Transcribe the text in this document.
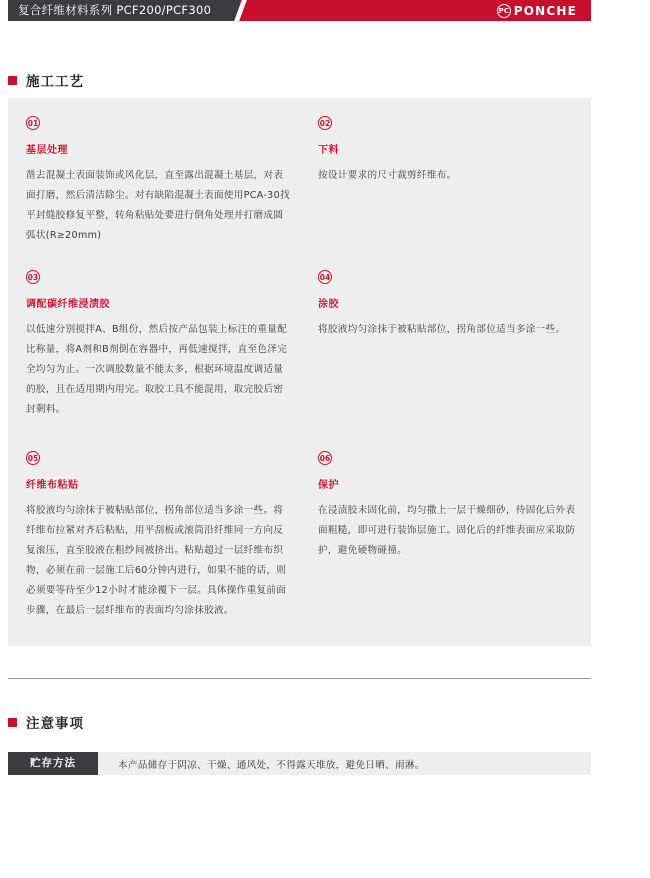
复合纤维材料系列 PCF200/PCF300	PC PONCHE
施工工艺
01
基层处理
凿去混凝土表面装饰或风化层，直至露出混凝土基层，对表面打磨，然后清洁除尘。对有缺陷混凝土表面使用PCA-30找平封缝胶修复平整，转角粘贴处要进行倒角处理并打磨成圆弧状(R≥20mm)
02
下料
按设计要求的尺寸裁剪纤维布。
03
调配碳纤维浸渍胶
以低速分别搅拌A、B组份，然后按产品包装上标注的重量配比称量，将A剂和B剂倒在容器中，再低速搅拌，直至色泽完全均匀为止。一次调胶数量不能太多，根据环境温度调适量的胶，且在适用期内用完。取胶工具不能混用，取完胶后密封剩料。
04
涂胶
将胶液均匀涂抹于被粘贴部位，拐角部位适当多涂一些。
05
纤维布粘贴
将胶液均匀涂抹于被粘贴部位，拐角部位适当多涂一些。将纤维布拉紧对齐后粘贴，用平刮板或滚筒沿纤维同一方向反复滚压，直至胶液在粗纱间被挤出。粘贴超过一层纤维布织物，必须在前一层施工后60分钟内进行，如果不能的话，则必须要等待至少12小时才能涂覆下一层。具体操作重复前面步骤，在最后一层纤维布的表面均匀涂抹胶液。
06
保护
在浸渍胶未固化前，均匀撒上一层干燥细砂，待固化后外表面粗糙，即可进行装饰层施工。固化后的纤维表面应采取防护，避免硬物碰撞。
注意事项
贮存方法	本产品储存于阴凉、干燥、通风处，不得露天堆放，避免日晒、雨淋。
